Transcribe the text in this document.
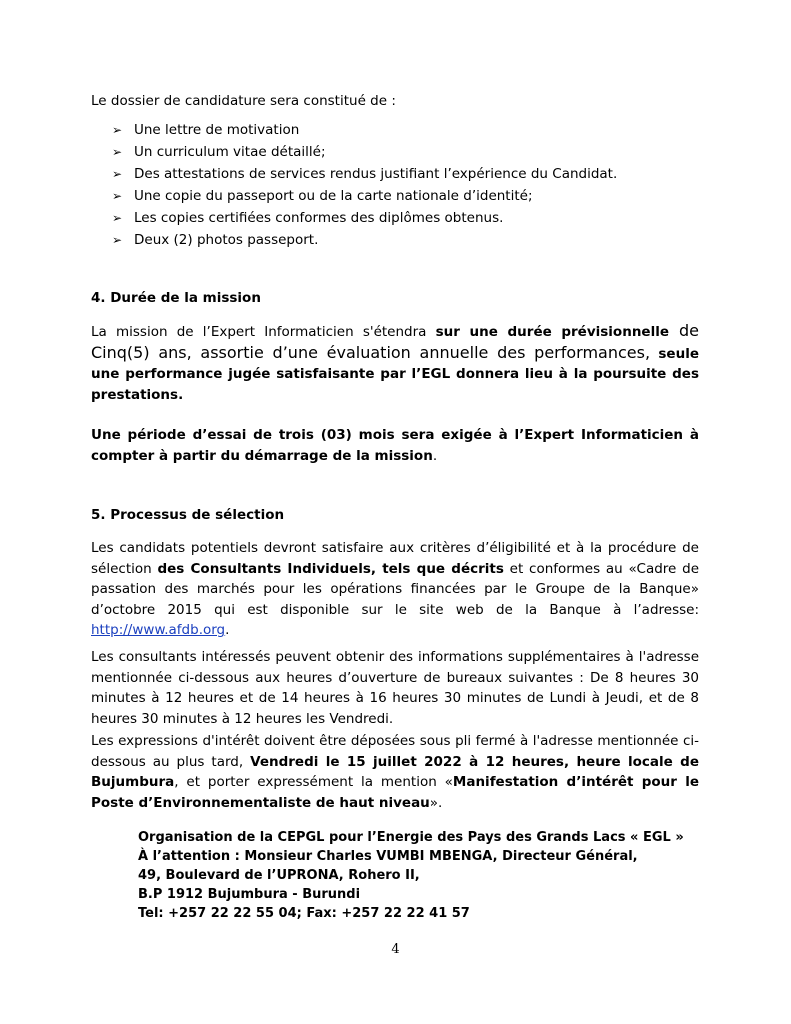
Le dossier de candidature sera constitué de :
➢ Une lettre de motivation
➢ Un curriculum vitae détaillé;
➢ Des attestations de services rendus justifiant l’expérience du Candidat.
➢ Une copie du passeport ou de la carte nationale d’identité;
➢ Les copies certifiées conformes des diplômes obtenus.
➢ Deux (2) photos passeport.
4. Durée de la mission

La mission de l’Expert Informaticien s'étendra sur une durée prévisionnelle de Cinq(5) ans, assortie d’une évaluation annuelle des performances, seule une performance jugée satisfaisante par l’EGL donnera lieu à la poursuite des prestations.

Une période d’essai de trois (03) mois sera exigée à l’Expert Informaticien à compter à partir du démarrage de la mission.

5. Processus de sélection

Les candidats potentiels devront satisfaire aux critères d’éligibilité et à la procédure de sélection des Consultants Individuels, tels que décrits et conformes au «Cadre de passation des marchés pour les opérations financées par le Groupe de la Banque» d’octobre 2015 qui est disponible sur le site web de la Banque à l’adresse: http://www.afdb.org.

Les consultants intéressés peuvent obtenir des informations supplémentaires à l'adresse mentionnée ci-dessous aux heures d’ouverture de bureaux suivantes : De 8 heures 30 minutes à 12 heures et de 14 heures à 16 heures 30 minutes de Lundi à Jeudi, et de 8 heures 30 minutes à 12 heures les Vendredi.

Les expressions d'intérêt doivent être déposées sous pli fermé à l'adresse mentionnée ci-dessous au plus tard, Vendredi le 15 juillet 2022 à 12 heures, heure locale de Bujumbura, et porter expressément la mention «Manifestation d’intérêt pour le Poste d’Environnementaliste de haut niveau».

Organisation de la CEPGL pour l’Energie des Pays des Grands Lacs « EGL »
À l’attention : Monsieur Charles VUMBI MBENGA, Directeur Général,
49, Boulevard de l’UPRONA, Rohero II,
B.P 1912 Bujumbura - Burundi
Tel: +257 22 22 55 04; Fax: +257 22 22 41 57
4
